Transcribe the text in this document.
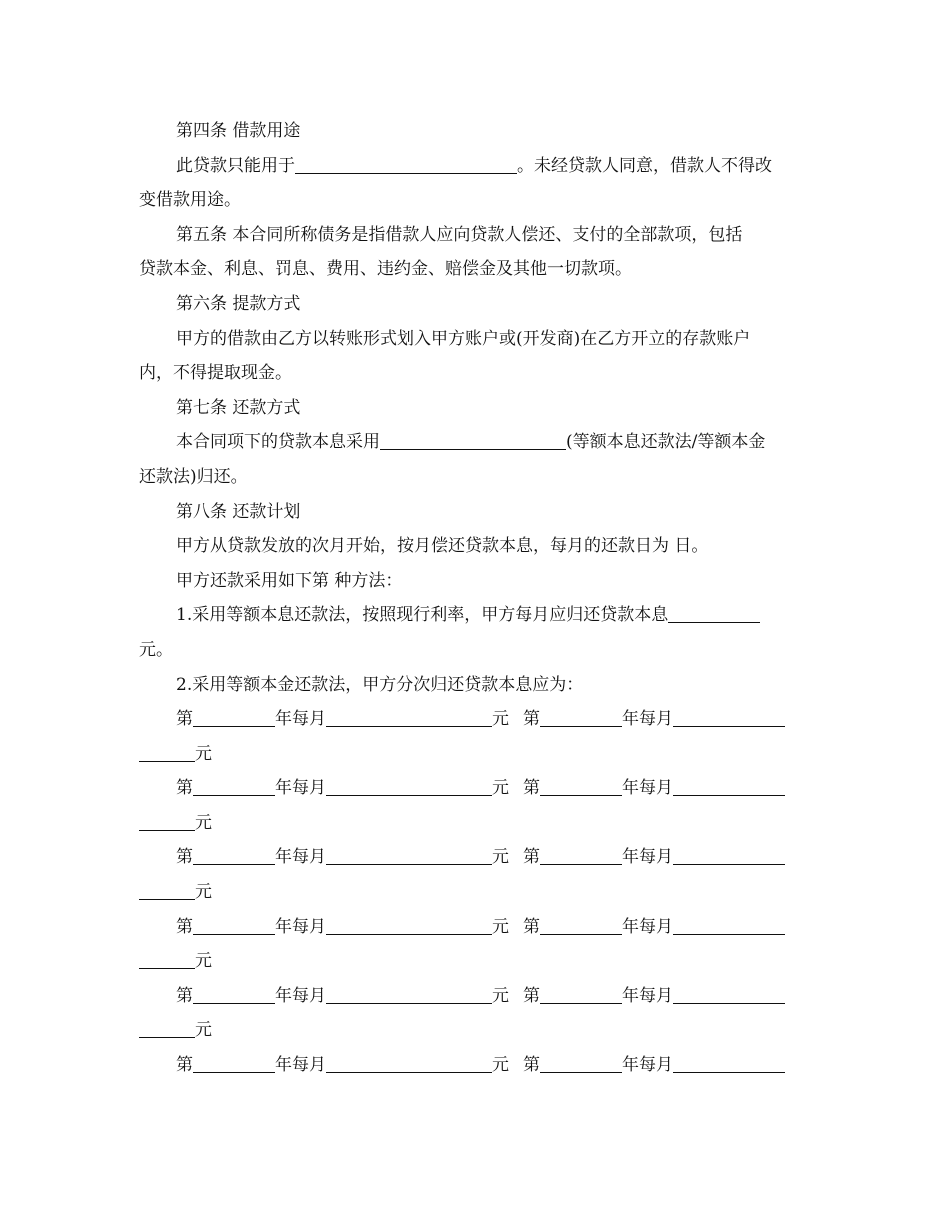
第四条 借款用途
此贷款只能用于	。未经贷款人同意，借款人不得改
变借款用途。
第五条 本合同所称债务是指借款人应向贷款人偿还、支付的全部款项，包括
贷款本金、利息、罚息、费用、违约金、赔偿金及其他一切款项。
第六条 提款方式
甲方的借款由乙方以转账形式划入甲方账户或(开发商)在乙方开立的存款账户
内，不得提取现金。
第七条 还款方式
本合同项下的贷款本息采用	(等额本息还款法/等额本金
还款法)归还。
第八条 还款计划
甲方从贷款发放的次月开始，按月偿还贷款本息，每月的还款日为 日。
甲方还款采用如下第 种方法：
1.采用等额本息还款法，按照现行利率，甲方每月应归还贷款本息
元。
2.采用等额本金还款法，甲方分次归还贷款本息应为：
第	年每月	元 第	年每月
元
第	年每月	元 第	年每月
元
第	年每月	元 第	年每月
元
第	年每月	元 第	年每月
元
第	年每月	元 第	年每月
元
第	年每月	元 第	年每月
